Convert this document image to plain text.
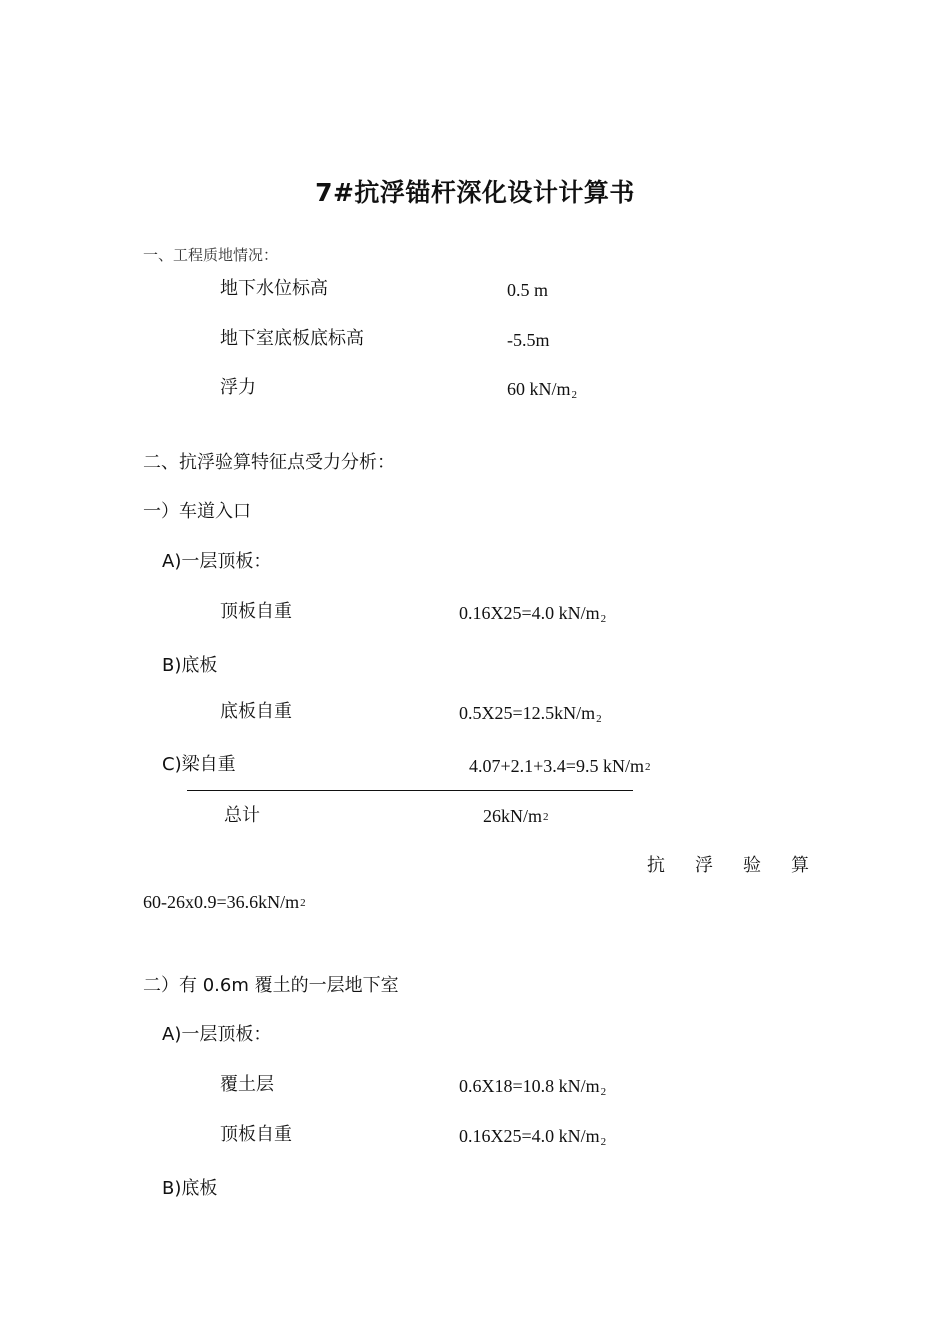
7#抗浮锚杆深化设计计算书
一、工程质地情况：
地下水位标高	0.5 m
地下室底板底标高	-5.5m
浮力	60 kN/m2
二、抗浮验算特征点受力分析：
一）车道入口
A)一层顶板：
顶板自重	0.16X25=4.0 kN/m2
B)底板
底板自重	0.5X25=12.5kN/m2
C)梁自重	4.07+2.1+3.4=9.5 kN/m2
总计	26kN/m2
抗 浮 验 算
60-26x0.9=36.6kN/m2
二）有 0.6m 覆土的一层地下室
A)一层顶板：
覆土层	0.6X18=10.8 kN/m2
顶板自重	0.16X25=4.0 kN/m2
B)底板
